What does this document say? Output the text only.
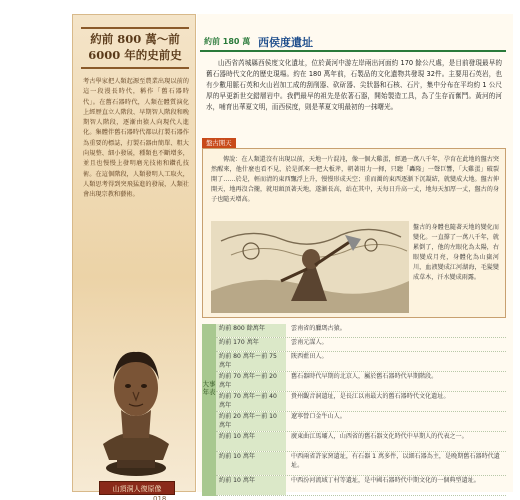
約前 800 萬～前
6000 年的史前史
考古學家把人類起源至農業出現以前的這一段漫長時代，稱作「舊石器時代」。在舊石器時代，人類在體質演化上經歷直立人階段、早期智人階段和晚期智人階段，逐漸由猿人向現代人進化。集體伴舊石器時代都以打製石器作為重要的標誌，打製石器由簡單、粗大向規整、細小發展，種類也不斷增多，並且也慢慢上發明磨光技術和鑽孔技術。在這個階段，人類發明人工取火，人類思考得到突飛猛進的發展，人類社會出現宗教和藝術。
山頂洞人復原像
018
約前 180 萬 西侯度遺址
山西省芮城縣西侯度文化遺址，位於黃河中游左岸兩出河面約 170 餘公尺處，是目前發現最早的舊石器時代文化的歷史現場。約在 180 萬年前，石製品的文化遺物共發現 32件。主要用石英岩，也有少數用脈石英和火山岩加工成的刮削器、砍斫器、尖狀器和石核、石片，集中分布在平均約 1 公尺厚的早更新世交錯層岩中。我們最早的祖先是依著石器，開始製造工具，為了生存而奮鬥。黃河的河水，哺育出華夏文明，而西侯度，則是華夏文明最初的一抹曙光。
盤古開天
傳說：在人類還沒有出現以前，天地一片混沌，像一個大雞蛋，經過一萬八千年，孕育在此地的盤古突然醒來，他什麼也看不見，於是抓來一把大板斧，朝著用力一揮，只聽「轟隆」一聲巨響，「大雞蛋」破裂開了……於是，輕而清的東西飄浮上升，慢慢形成天空；重而濁的東西逐漸下沉凝結，就變成大地。盤古伸開天，地再沒合攏，就用頭頂著天地，遂漸長高，站在其中，天每日升高一丈，地每天加厚一丈，盤古的身子也隨天增高。
盤古的身體也隨著天地的變化而變化。一直撐了一萬八千年，就累倒了，他的左眼化為太陽，右眼變成月亮，身體化為山嶽河川，血液變成江河湖海，毛髮變成草木，汗水變成雨露。
大事年表
約前 800 餘萬年	雲南省的臘瑪古猿。
約前 170 萬年	雲南元謀人。
約前 80 萬年～前 75 萬年
陝西藍田人。
約前 70 萬年～前 20 萬年
舊石器時代早期的北京人，屬於舊石器時代早期階段。
約前 70 萬年～前 40 萬年
貴州觀音洞遺址，是長江以南最大的舊石器時代文化遺址。
約前 20 萬年～前 10 萬年
遼寧營口金牛山人。
約前 10 萬年	廣東曲江馬壩人，山西省的舊石器文化時代中早期人的代表之一。
約前 10 萬年	中西兩省許家窯遺址，有石器 1 萬多件，以細石器為主，是晚期舊石器時代遺址。
約前 10 萬年	中西汾河流域丁村等遺址，是中國石器時代中期文化的一個典型遺址。
